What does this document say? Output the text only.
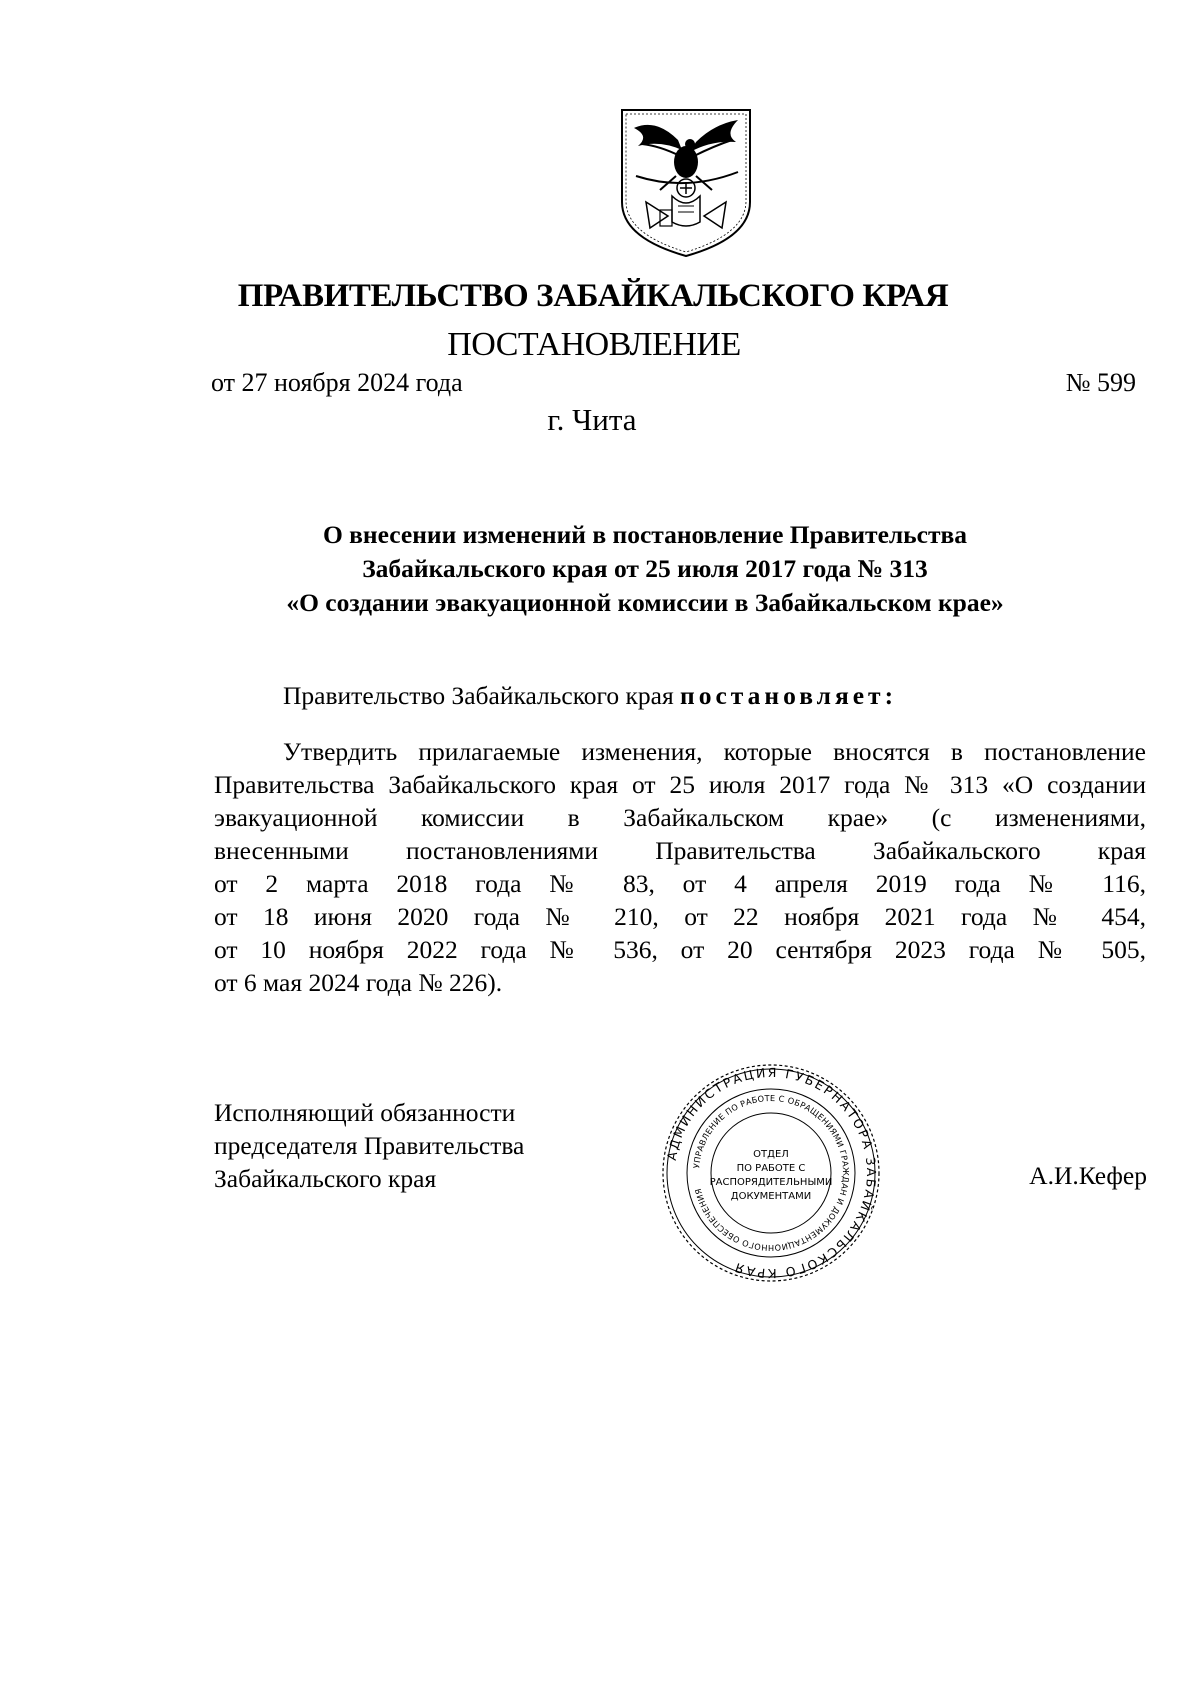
ПРАВИТЕЛЬСТВО ЗАБАЙКАЛЬСКОГО КРАЯ
ПОСТАНОВЛЕНИЕ
от 27 ноября 2024 года	№ 599
г. Чита
О внесении изменений в постановление Правительства
Забайкальского края от 25 июля 2017 года № 313
«О создании эвакуационной комиссии в Забайкальском крае»
Правительство Забайкальского края постановляет:
Утвердить прилагаемые изменения, которые вносятся в постановление
Правительства Забайкальского края от 25 июля 2017 года № 313 «О создании
эвакуационной комиссии в Забайкальском крае» (с изменениями,
внесенными постановлениями Правительства Забайкальского края
от 2 марта 2018 года № 83, от 4 апреля 2019 года № 116,
от 18 июня 2020 года № 210, от 22 ноября 2021 года № 454,
от 10 ноября 2022 года № 536, от 20 сентября 2023 года № 505,
от 6 мая 2024 года № 226).
Исполняющий обязанности
председателя Правительства
Забайкальского края	А.И.Кефер
АДМИНИСТРАЦИЯ ГУБЕРНАТОРА ЗАБАЙКАЛЬСКОГО КРАЯ
УПРАВЛЕНИЕ ПО РАБОТЕ С ОБРАЩЕНИЯМИ ГРАЖДАН И ДОКУМЕНТАЦИОННОГО ОБЕСПЕЧЕНИЯ
ОТДЕЛ
ПО РАБОТЕ С
РАСПОРЯДИТЕЛЬНЫМИ
ДОКУМЕНТАМИ
